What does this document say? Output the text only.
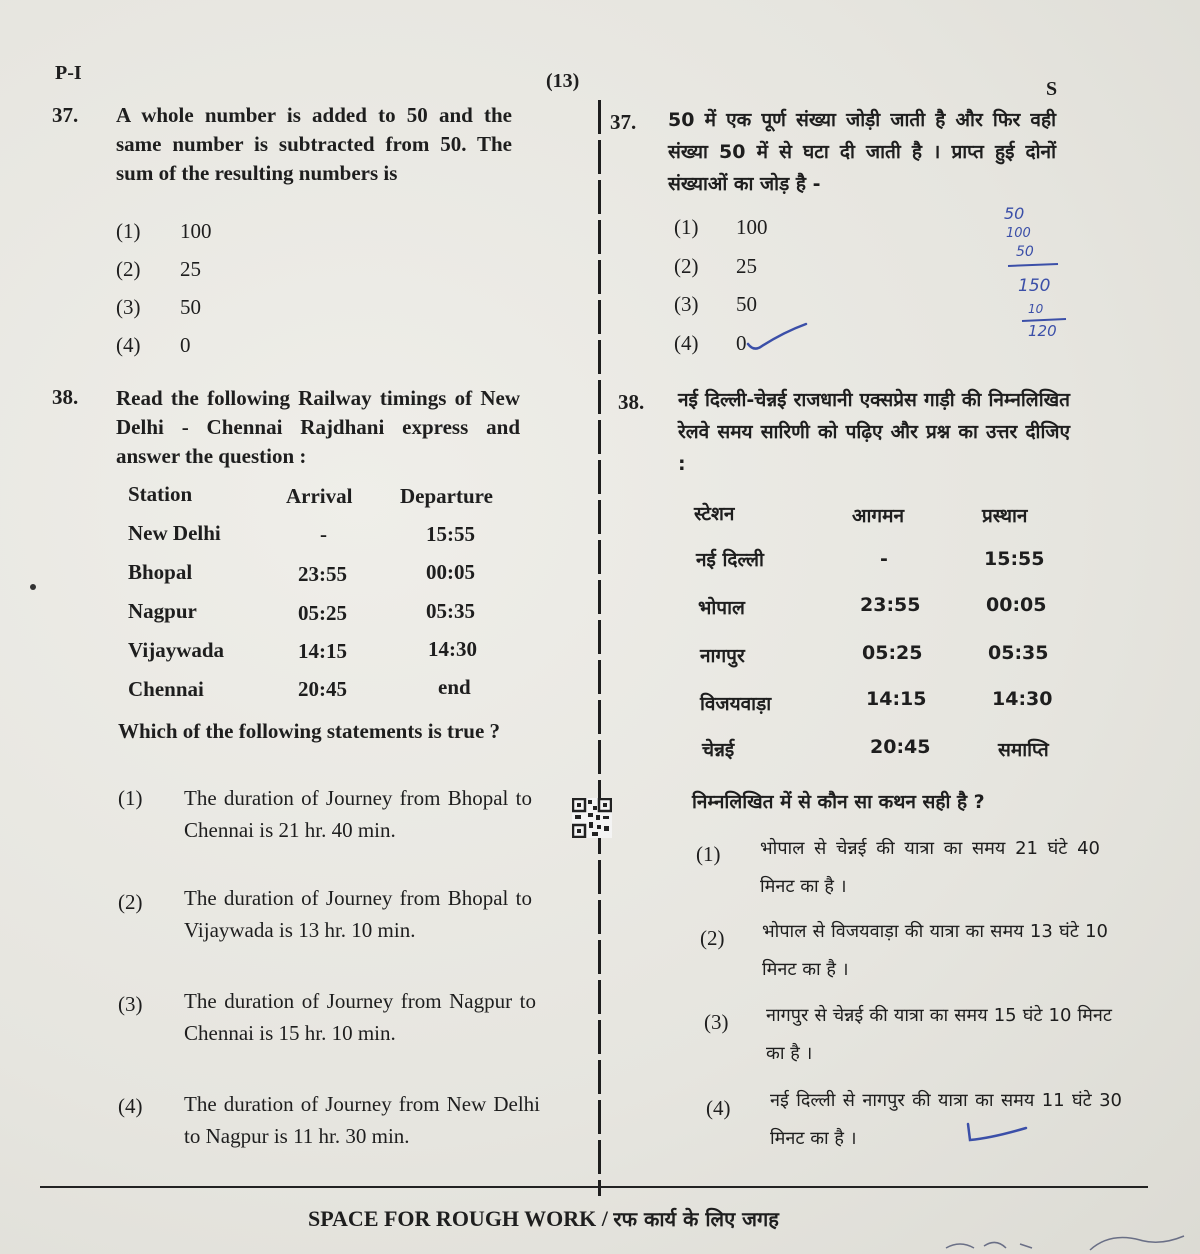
P-I	(13)	S
37. A whole number is added to 50 and the same number is subtracted from 50. The sum of the resulting numbers is
(1) 100
(2) 25
(3) 50
(4) 0
38. Read the following Railway timings of New Delhi - Chennai Rajdhani express and answer the question :
Station	Arrival Departure
New Delhi	-	15:55
Bhopal	23:55	00:05
Nagpur	05:25	05:35
Vijaywada	14:15	14:30
Chennai	20:45	end
Which of the following statements is true ?
(1) The duration of Journey from Bhopal to Chennai is 21 hr. 40 min.
(2) The duration of Journey from Bhopal to Vijaywada is 13 hr. 10 min.
(3) The duration of Journey from Nagpur to Chennai is 15 hr. 10 min.
(4) The duration of Journey from New Delhi to Nagpur is 11 hr. 30 min.
37. 50 में एक पूर्ण संख्या जोड़ी जाती है और फिर वही संख्या 50 में से घटा दी जाती है । प्राप्त हुई दोनों संख्याओं का जोड़ है -
(1) 100
(2) 25
(3) 50
(4) 0
50
100
50
150
10
120
38. नई दिल्ली-चेन्नई राजधानी एक्सप्रेस गाड़ी की निम्नलिखित रेलवे समय सारिणी को पढ़िए और प्रश्न का उत्तर दीजिए :
स्टेशन	आगमन	प्रस्थान
नई दिल्ली	-	15:55
भोपाल	23:55	00:05
नागपुर	05:25	05:35
विजयवाड़ा	14:15	14:30
चेन्नई	20:45	समाप्ति
निम्नलिखित में से कौन सा कथन सही है ?
(1) भोपाल से चेन्नई की यात्रा का समय 21 घंटे 40 मिनट का है ।
(2) भोपाल से विजयवाड़ा की यात्रा का समय 13 घंटे 10 मिनट का है ।
(3) नागपुर से चेन्नई की यात्रा का समय 15 घंटे 10 मिनट का है ।
(4) नई दिल्ली से नागपुर की यात्रा का समय 11 घंटे 30 मिनट का है ।
SPACE FOR ROUGH WORK / रफ कार्य के लिए जगह
